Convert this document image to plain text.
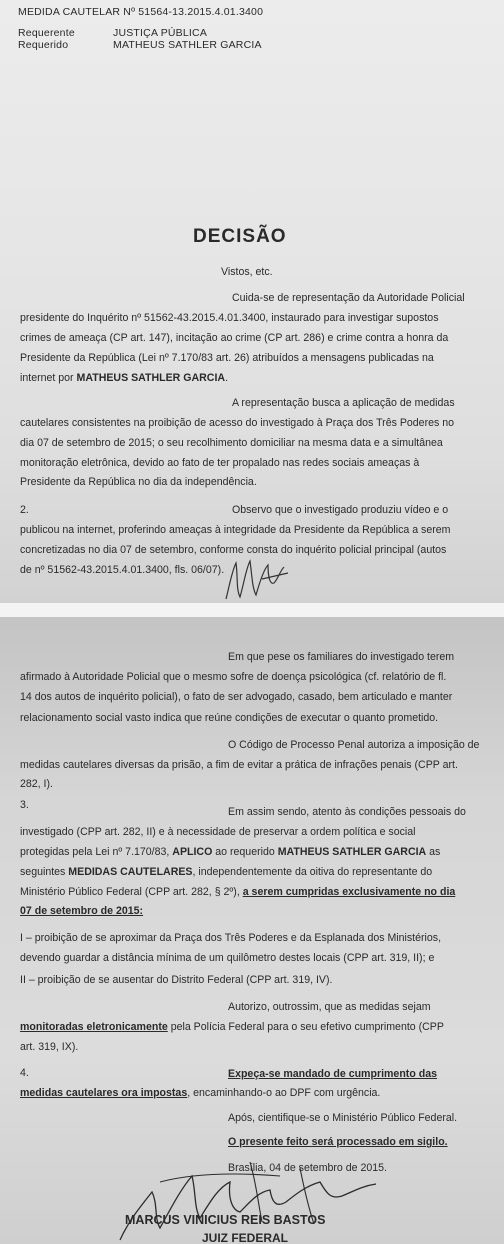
MEDIDA CAUTELAR Nº 51564-13.2015.4.01.3400
Requerente	JUSTIÇA PÚBLICA
Requerido	MATHEUS SATHLER GARCIA
DECISÃO
Vistos, etc.
Cuida-se de representação da Autoridade Policial
presidente do Inquérito nº 51562-43.2015.4.01.3400, instaurado para investigar supostos
crimes de ameaça (CP art. 147), incitação ao crime (CP art. 286) e crime contra a honra da
Presidente da República (Lei nº 7.170/83 art. 26) atribuídos a mensagens publicadas na
internet por MATHEUS SATHLER GARCIA.
A representação busca a aplicação de medidas
cautelares consistentes na proibição de acesso do investigado à Praça dos Três Poderes no
dia 07 de setembro de 2015; o seu recolhimento domiciliar na mesma data e a simultânea
monitoração eletrônica, devido ao fato de ter propalado nas redes sociais ameaças à
Presidente da República no dia da independência.
2.	Observo que o investigado produziu vídeo e o
publicou na internet, proferindo ameaças à integridade da Presidente da República a serem
concretizadas no dia 07 de setembro, conforme consta do inquérito policial principal (autos
de nº 51562-43.2015.4.01.3400, fls. 06/07).
Em que pese os familiares do investigado terem
afirmado à Autoridade Policial que o mesmo sofre de doença psicológica (cf. relatório de fl.
14 dos autos de inquérito policial), o fato de ser advogado, casado, bem articulado e manter
relacionamento social vasto indica que reúne condições de executar o quanto prometido.
O Código de Processo Penal autoriza a imposição de
medidas cautelares diversas da prisão, a fim de evitar a prática de infrações penais (CPP art.
282, I).
3.
Em assim sendo, atento às condições pessoais do
investigado (CPP art. 282, II) e à necessidade de preservar a ordem política e social
protegidas pela Lei nº 7.170/83, APLICO ao requerido MATHEUS SATHLER GARCIA as
seguintes MEDIDAS CAUTELARES, independentemente da oitiva do representante do
Ministério Público Federal (CPP art. 282, § 2º), a serem cumpridas exclusivamente no dia
07 de setembro de 2015:
I – proibição de se aproximar da Praça dos Três Poderes e da Esplanada dos Ministérios,
devendo guardar a distância mínima de um quilômetro destes locais (CPP art. 319, II); e
II – proibição de se ausentar do Distrito Federal (CPP art. 319, IV).
Autorizo, outrossim, que as medidas sejam
monitoradas eletronicamente pela Polícia Federal para o seu efetivo cumprimento (CPP
art. 319, IX).
4.	Expeça-se mandado de cumprimento das
medidas cautelares ora impostas, encaminhando-o ao DPF com urgência.
Após, cientifique-se o Ministério Público Federal.
O presente feito será processado em sigilo.
Brasília, 04 de setembro de 2015.
MARCUS VINICIUS REIS BASTOS
JUIZ FEDERAL
